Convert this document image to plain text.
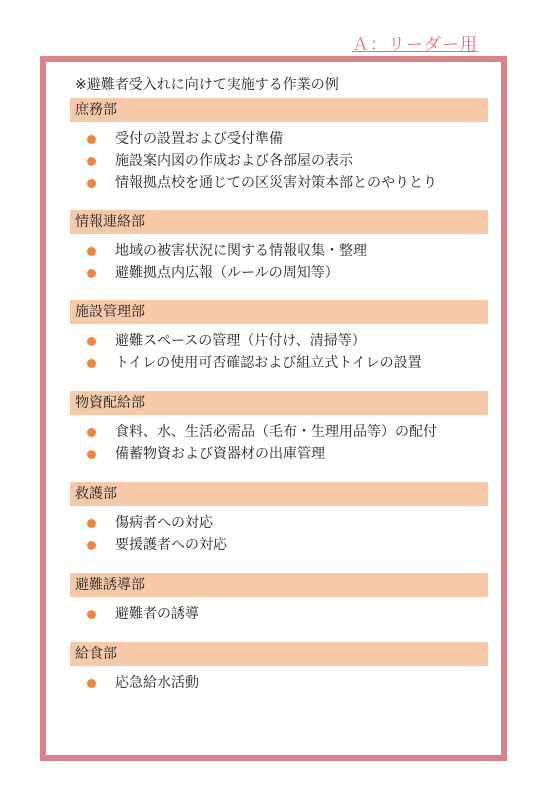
Ａ：リーダー用
※避難者受入れに向けて実施する作業の例
庶務部
受付の設置および受付準備
施設案内図の作成および各部屋の表示
情報拠点校を通じての区災害対策本部とのやりとり
情報連絡部
地域の被害状況に関する情報収集・整理
避難拠点内広報（ルールの周知等）
施設管理部
避難スペースの管理（片付け、清掃等）
トイレの使用可否確認および組立式トイレの設置
物資配給部
食料、水、生活必需品（毛布・生理用品等）の配付
備蓄物資および資器材の出庫管理
救護部
傷病者への対応
要援護者への対応
避難誘導部
避難者の誘導
給食部
応急給水活動
